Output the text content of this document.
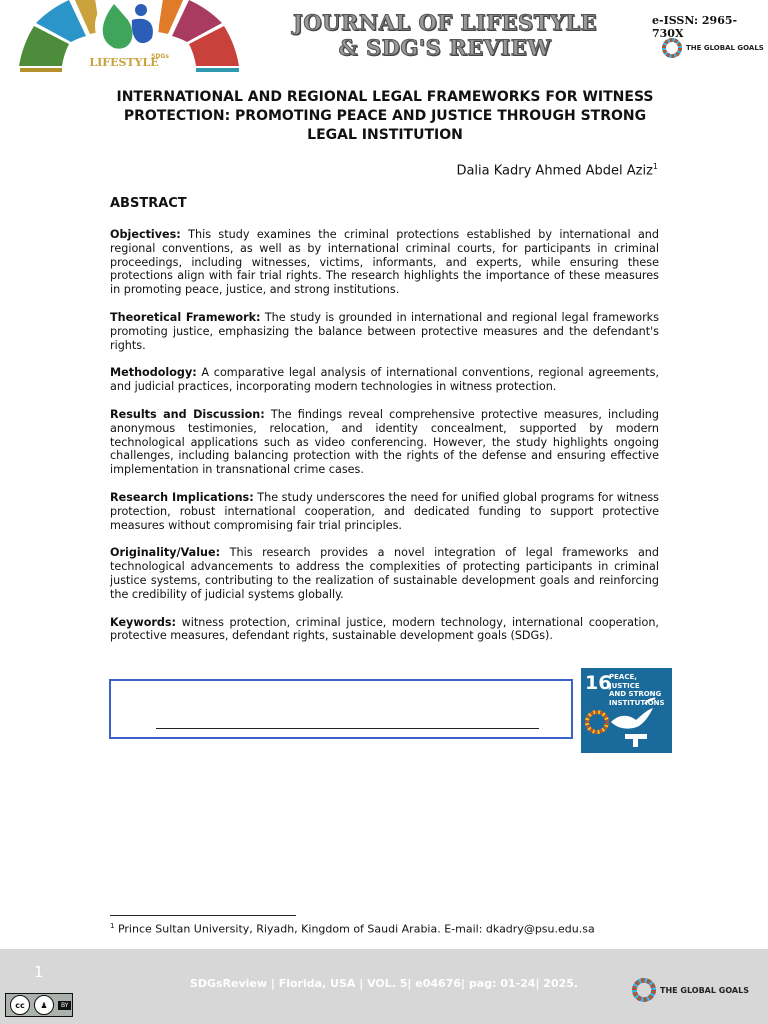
LIFESTYLE
SDGs
JOURNAL OF LIFESTYLE
& SDG'S REVIEW
e-ISSN: 2965-730X
THE GLOBAL GOALS
INTERNATIONAL AND REGIONAL LEGAL FRAMEWORKS FOR WITNESS PROTECTION: PROMOTING PEACE AND JUSTICE THROUGH STRONG LEGAL INSTITUTION
Dalia Kadry Ahmed Abdel Aziz$^1$
ABSTRACT

Objectives: This study examines the criminal protections established by international and regional conventions, as well as by international criminal courts, for participants in criminal proceedings, including witnesses, victims, informants, and experts, while ensuring these protections align with fair trial rights. The research highlights the importance of these measures in promoting peace, justice, and strong institutions.

Theoretical Framework: The study is grounded in international and regional legal frameworks promoting justice, emphasizing the balance between protective measures and the defendant's rights.

Methodology: A comparative legal analysis of international conventions, regional agreements, and judicial practices, incorporating modern technologies in witness protection.

Results and Discussion: The findings reveal comprehensive protective measures, including anonymous testimonies, relocation, and identity concealment, supported by modern technological applications such as video conferencing. However, the study highlights ongoing challenges, including balancing protection with the rights of the defense and ensuring effective implementation in transnational crime cases.

Research Implications: The study underscores the need for unified global programs for witness protection, robust international cooperation, and dedicated funding to support protective measures without compromising fair trial principles.

Originality/Value: This research provides a novel integration of legal frameworks and technological advancements to address the complexities of protecting participants in criminal justice systems, contributing to the realization of sustainable development goals and reinforcing the credibility of judicial systems globally.

Keywords: witness protection, criminal justice, modern technology, international cooperation, protective measures, defendant rights, sustainable development goals (SDGs).

16
PEACE, JUSTICE
AND STRONG
INSTITUTIONS
$^1$ Prince Sultan University, Riyadh, Kingdom of Saudi Arabia. E-mail: dkadry@psu.edu.sa
1
SDGsReview | Florida, USA | VOL. 5| e04676| pag: 01-24| 2025.
cc	♟	BY
THE GLOBAL GOALS
